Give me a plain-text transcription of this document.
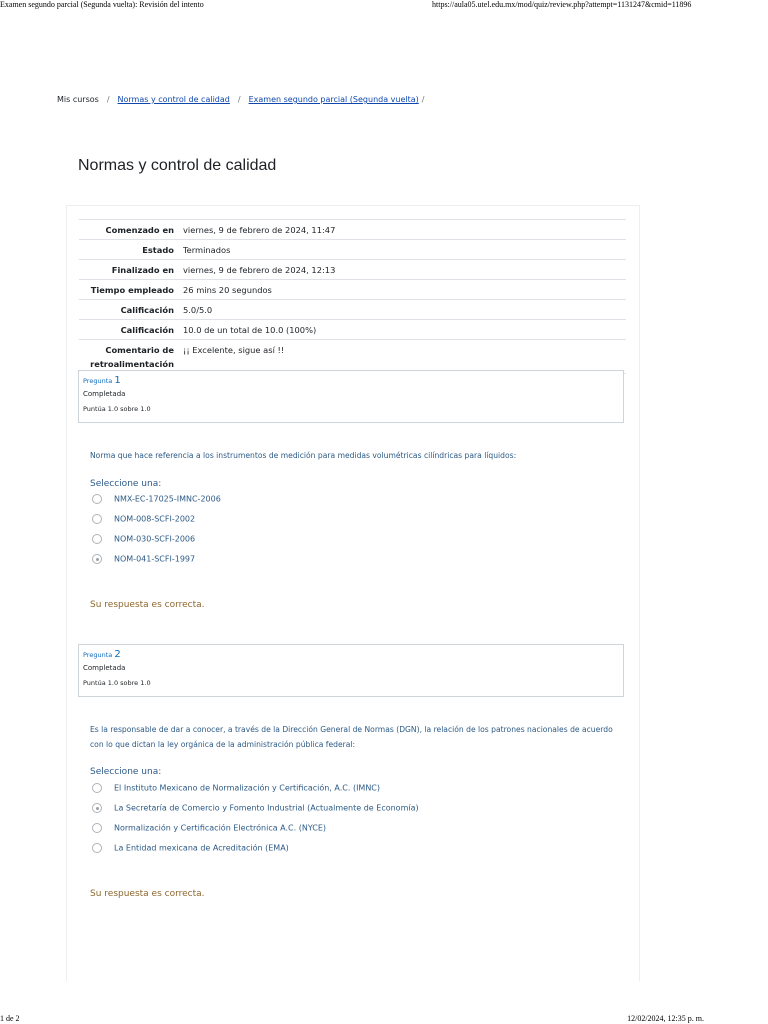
Examen segundo parcial (Segunda vuelta): Revisión del intento	https://aula05.utel.edu.mx/mod/quiz/review.php?attempt=1131247&cmid=11896
Mis cursos / Normas y control de calidad / Examen segundo parcial (Segunda vuelta) /
Normas y control de calidad
Comenzado en	viernes, 9 de febrero de 2024, 11:47
Estado	Terminados
Finalizado en	viernes, 9 de febrero de 2024, 12:13
Tiempo empleado	26 mins 20 segundos
Calificación	5.0/5.0
Calificación	10.0 de un total de 10.0 (100%)
Comentario de retroalimentación	¡¡ Excelente, sigue así !!
Pregunta 1
Completada
Puntúa 1.0 sobre 1.0
Norma que hace referencia a los instrumentos de medición para medidas volumétricas cilíndricas para líquidos:
Seleccione una:
NMX-EC-17025-IMNC-2006
NOM-008-SCFI-2002
NOM-030-SCFI-2006
NOM-041-SCFI-1997
Su respuesta es correcta.
Pregunta 2
Completada
Puntúa 1.0 sobre 1.0
Es la responsable de dar a conocer, a través de la Dirección General de Normas (DGN), la relación de los patrones nacionales de acuerdo con lo que dictan la ley orgánica de la administración pública federal:
Seleccione una:
El Instituto Mexicano de Normalización y Certificación, A.C. (IMNC)
La Secretaría de Comercio y Fomento Industrial (Actualmente de Economía)
Normalización y Certificación Electrónica A.C. (NYCE)
La Entidad mexicana de Acreditación (EMA)
Su respuesta es correcta.
1 de 2	12/02/2024, 12:35 p. m.
